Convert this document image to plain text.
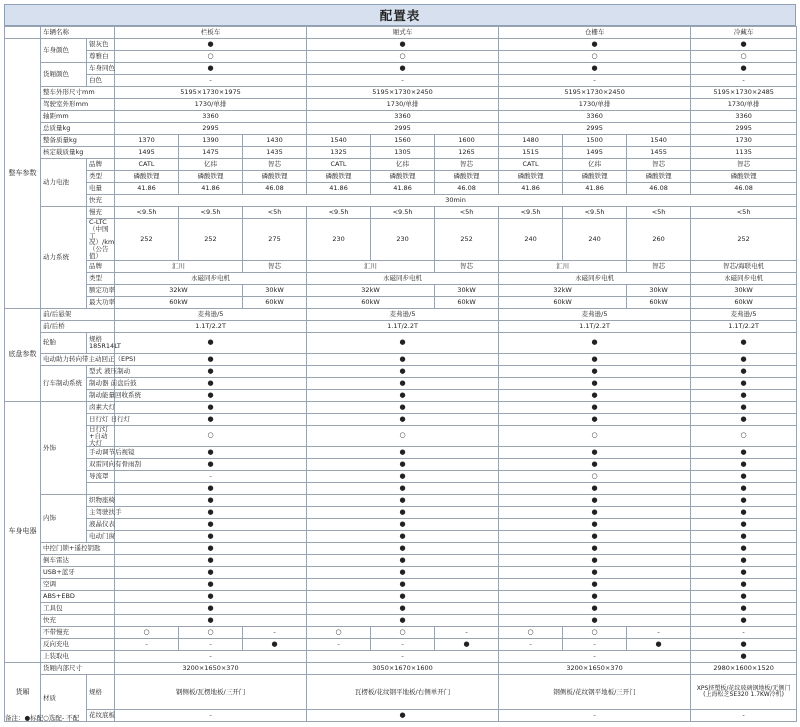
配置表
	车辆名称		栏板车			厢式车			仓栅车			冷藏车
整车参数	车身颜色	银灰色	●			●			●			●
		尊雅白	○			○			○			○
	货厢颜色	车身同色	●			●			●			●
		白色	-			-			-			-
	整车外形尺寸mm		5195×1730×1975			5195×1730×2450			5195×1730×2450			5195×1730×2485
	驾驶室外形mm		1730/单排			1730/单排			1730/单排			1730/单排
	轴距mm		3360			3360			3360			3360
	总质量kg		2995			2995			2995			2995
	整备质量kg		1370	1390	1430	1540	1560	1600	1480	1500	1540	1730
	核定载质量kg		1495	1475	1435	1325	1305	1265	1515	1495	1455	1135
	动力电池	品牌	CATL	亿纬	智芯	CATL	亿纬	智芯	CATL	亿纬	智芯	智芯
		类型	磷酸铁锂	磷酸铁锂	磷酸铁锂	磷酸铁锂	磷酸铁锂	磷酸铁锂	磷酸铁锂	磷酸铁锂	磷酸铁锂	磷酸铁锂
		电量	41.86	41.86	46.08	41.86	41.86	46.08	41.86	41.86	46.08	46.08
		快充	30min									
	动力系统	慢充	<9.5h	<9.5h	<5h	<9.5h	<9.5h	<5h	<9.5h	<9.5h	<5h	<5h
		C-LTC（中国工况）/km（公告值）	252	252	275	230	230	252	240	240	260	252
		品牌	汇川		智芯	汇川		智芯	汇川		智芯	智芯/海联电机
		类型	永磁同步电机			永磁同步电机			永磁同步电机			永磁同步电机
		额定功率	32kW		30kW	32kW		30kW	32kW		30kW	30kW
		最大功率	60kW		60kW	60kW		60kW	60kW		60kW	60kW
底盘参数	前/后悬架		麦弗逊/5			麦弗逊/5			麦弗逊/5			麦弗逊/5
	前/后桥		1.1T/2.2T			1.1T/2.2T			1.1T/2.2T			1.1T/2.2T
	轮胎	规格 185R14LT	●			●			●			●
	电动助力转向带主动回正（EPS)		●			●			●			●
	行车制动系统	型式 液压制动	●			●			●			●
		制动器 前盘后鼓	●			●			●			●
		制动能量回收系统	●			●			●			●
车身电器	外饰	卤素大灯	●			●			●			●
		日行灯 日行灯	●			●			●			●
		日行灯+自动大灯	○			○			○			○
		手动调节后视镜	●			●			●			●
		双雷同向有骨雨刮	●			●			●			●
		导流罩	-			●			○			●
			●			●			●			●
	内饰	织物座椅	●			●			●			●
		主驾驶扶手	●			●			●			●
		液晶仪表	●			●			●			●
		电动门窗	●			●			●			●
	中控门锁+遥控钥匙		●			●			●			●
	倒车雷达		●			●			●			●
	USB+蓝牙		●			●			●			●
	空调		●			●			●			●
	ABS+EBD		●			●			●			●
	工具包		●			●			●			●
	快充		●			●			●			●
	不带慢充		○	○	-	○	○	-	○	○	-	-
	反向充电		-	-	●	-	-	●	-	-	●	●
	上装取电		-			-			-			●
货厢	货厢内部尺寸		3200×1650×370			3050×1670×1600			3200×1650×370			2980×1600×1520
	材质	规格	钢侧板/瓦楞地板/三开门			瓦楞板/花纹钢平地板/右侧单开门			钢侧板/花纹钢平地板/三开门			XPS挤塑板/花纹玻璃钢地板/无侧门(上海松芝SE320 1.7KW冷机)
		花纹底板	-			●			-			-
备注：●标配○选配- 不配
